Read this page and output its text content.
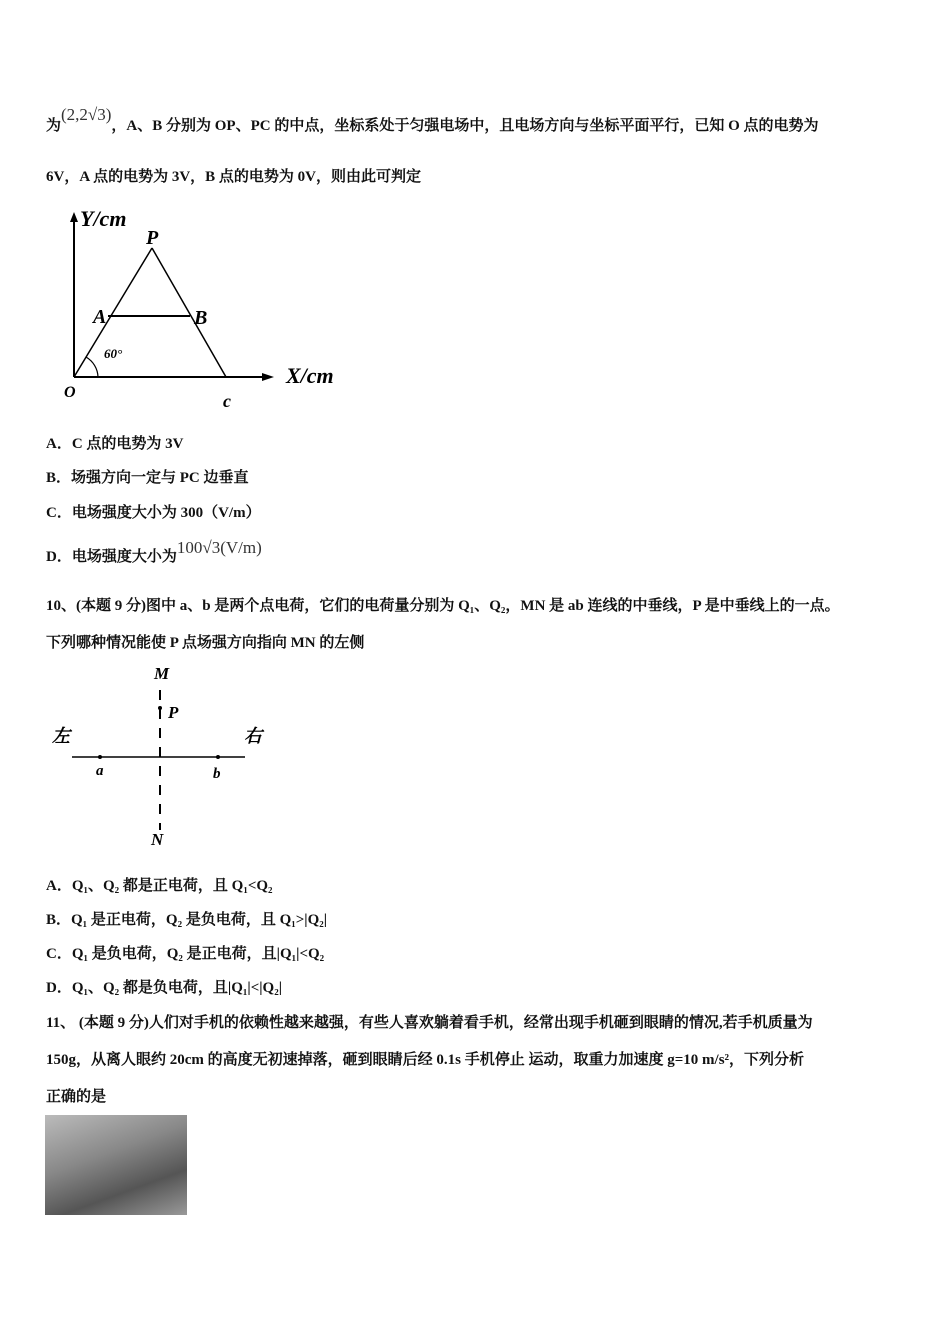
为(2,2√3)，A、B 分别为 OP、PC 的中点，坐标系处于匀强电场中，且电场方向与坐标平面平行，已知 O 点的电势为
6V，A 点的电势为 3V，B 点的电势为 0V，则由此可判定
Y/cm
P
A	B
60°
X/cm
O	c
A．C 点的电势为 3V
B．场强方向一定与 PC 边垂直
C．电场强度大小为 300（V/m）
D．电场强度大小为100√3(V/m)
10、(本题 9 分)图中 a、b 是两个点电荷，它们的电荷量分别为 Q₁、Q₂，MN 是 ab 连线的中垂线，P 是中垂线上的一点。
下列哪种情况能使 P 点场强方向指向 MN 的左侧
M
P
左	右
a	b
N
A．Q₁、Q₂ 都是正电荷，且 Q₁<Q₂
B．Q₁ 是正电荷，Q₂ 是负电荷，且 Q₁>|Q₂|
C．Q₁ 是负电荷，Q₂ 是正电荷，且|Q₁|<Q₂
D．Q₁、Q₂ 都是负电荷，且|Q₁|<|Q₂|
11、 (本题 9 分)人们对手机的依赖性越来越强，有些人喜欢躺着看手机，经常出现手机砸到眼睛的情况,若手机质量为
150g，从离人眼约 20cm 的高度无初速掉落，砸到眼睛后经 0.1s 手机停止 运动，取重力加速度 g=10 m/s²，下列分析
正确的是
